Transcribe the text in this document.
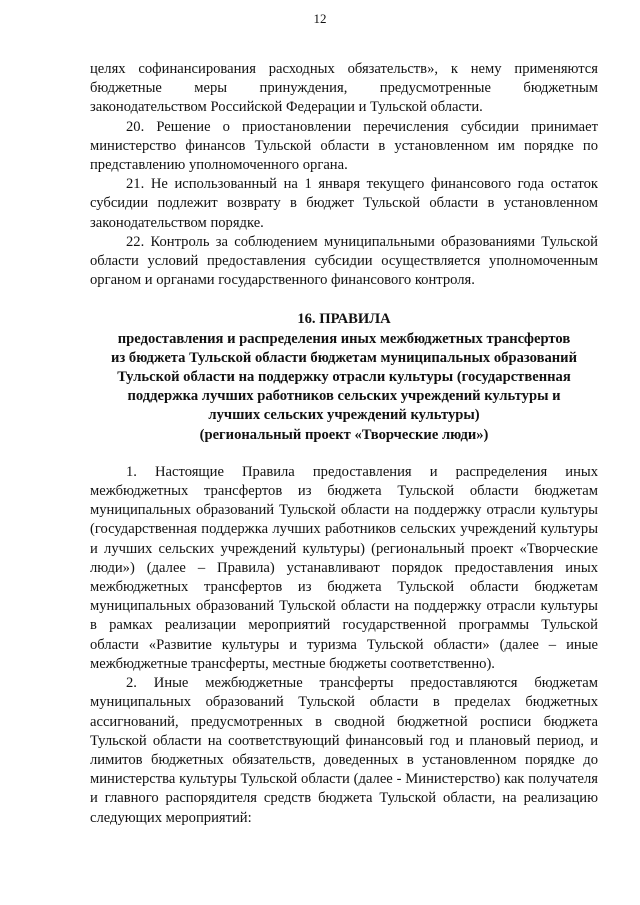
12

целях софинансирования расходных обязательств», к нему применяются бюджетные меры принуждения, предусмотренные бюджетным законодательством Российской Федерации и Тульской области.

20. Решение о приостановлении перечисления субсидии принимает министерство финансов Тульской области в установленном им порядке по представлению уполномоченного органа.

21. Не использованный на 1 января текущего финансового года остаток субсидии подлежит возврату в бюджет Тульской области в установленном законодательством порядке.

22. Контроль за соблюдением муниципальными образованиями Тульской области условий предоставления субсидии осуществляется уполномоченным органом и органами государственного финансового контроля.

16. ПРАВИЛА
предоставления и распределения иных межбюджетных трансфертов
из бюджета Тульской области бюджетам муниципальных образований
Тульской области на поддержку отрасли культуры (государственная
поддержка лучших работников сельских учреждений культуры и
лучших сельских учреждений культуры)
(региональный проект «Творческие люди»)

1. Настоящие Правила предоставления и распределения иных межбюджетных трансфертов из бюджета Тульской области бюджетам муниципальных образований Тульской области на поддержку отрасли культуры (государственная поддержка лучших работников сельских учреждений культуры и лучших сельских учреждений культуры) (региональный проект «Творческие люди») (далее – Правила) устанавливают порядок предоставления иных межбюджетных трансфертов из бюджета Тульской области бюджетам муниципальных образований Тульской области на поддержку отрасли культуры в рамках реализации мероприятий государственной программы Тульской области «Развитие культуры и туризма Тульской области» (далее – иные межбюджетные трансферты, местные бюджеты соответственно).

2. Иные межбюджетные трансферты предоставляются бюджетам муниципальных образований Тульской области в пределах бюджетных ассигнований, предусмотренных в сводной бюджетной росписи бюджета Тульской области на соответствующий финансовый год и плановый период, и лимитов бюджетных обязательств, доведенных в установленном порядке до министерства культуры Тульской области (далее - Министерство) как получателя и главного распорядителя средств бюджета Тульской области, на реализацию следующих мероприятий:
